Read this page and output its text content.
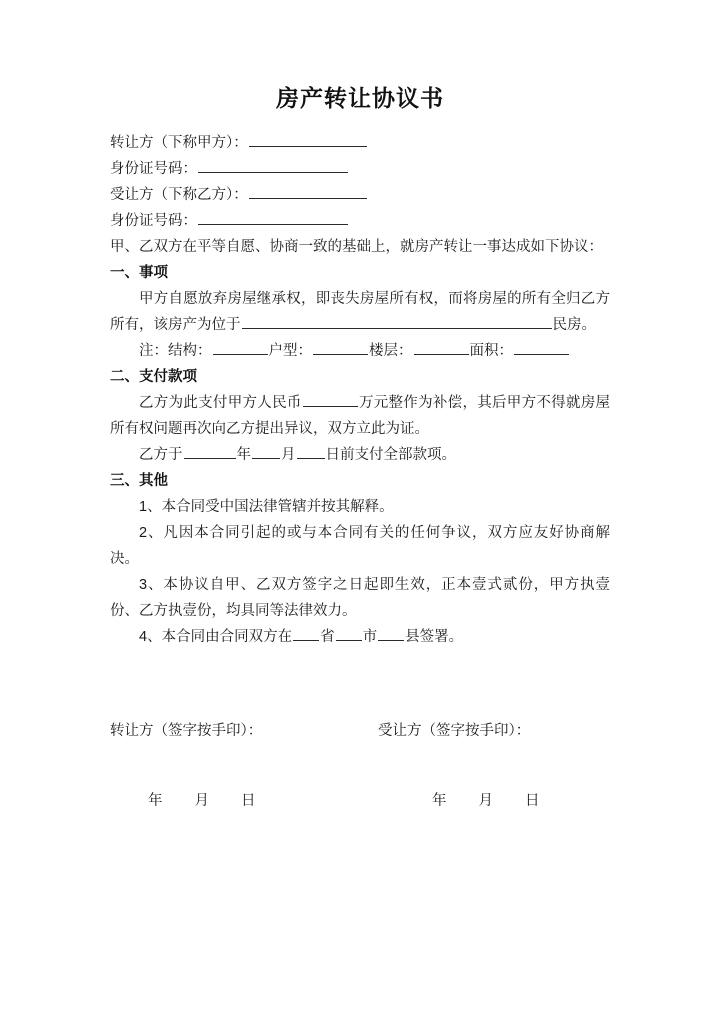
房产转让协议书

转让方（下称甲方）：

身份证号码：

受让方（下称乙方）：

身份证号码：

甲、乙双方在平等自愿、协商一致的基础上，就房产转让一事达成如下协议：

一、事项

甲方自愿放弃房屋继承权，即丧失房屋所有权，而将房屋的所有全归乙方所有，该房产为位于	民房。

注：结构：	户型：	楼层：	面积：

二、支付款项

乙方为此支付甲方人民币	万元整作为补偿，其后甲方不得就房屋所有权问题再次向乙方提出异议，双方立此为证。

乙方于	年 月 日前支付全部款项。

三、其他

1、本合同受中国法律管辖并按其解释。

2、凡因本合同引起的或与本合同有关的任何争议，双方应友好协商解决。

3、本协议自甲、乙双方签字之日起即生效，正本壹式贰份，甲方执壹份、乙方执壹份，均具同等法律效力。

4、本合同由合同双方在 省 市 县签署。

转让方（签字按手印）：	受让方（签字按手印）：
年 月 日	年 月 日
